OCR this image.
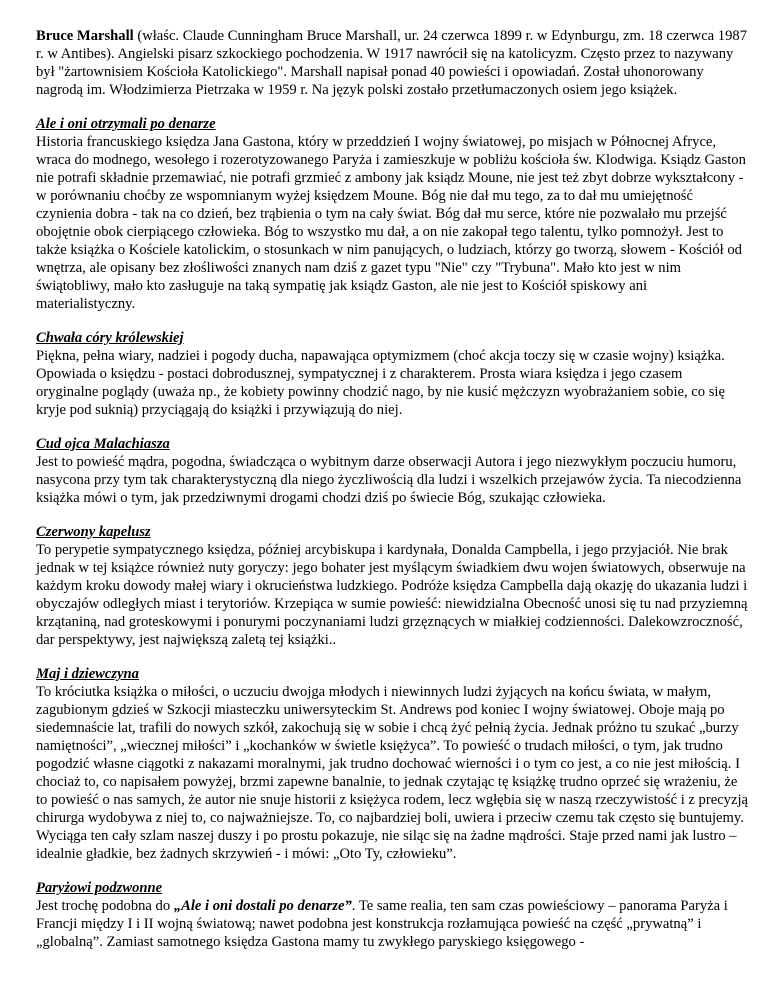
Bruce Marshall (właśc. Claude Cunningham Bruce Marshall, ur. 24 czerwca 1899 r. w Edynburgu, zm. 18 czerwca 1987 r. w Antibes). Angielski pisarz szkockiego pochodzenia. W 1917 nawrócił się na katolicyzm. Często przez to nazywany był "żartownisiem Kościoła Katolickiego". Marshall napisał ponad 40 powieści i opowiadań. Został uhonorowany nagrodą im. Włodzimierza Pietrzaka w 1959 r. Na język polski zostało przetłumaczonych osiem jego książek.

Ale i oni otrzymali po denarze
Historia francuskiego księdza Jana Gastona, który w przeddzień I wojny światowej, po misjach w Północnej Afryce, wraca do modnego, wesołego i rozerotyzowanego Paryża i zamieszkuje w pobliżu kościoła św. Klodwiga. Ksiądz Gaston nie potrafi składnie przemawiać, nie potrafi grzmieć z ambony jak ksiądz Moune, nie jest też zbyt dobrze wykształcony - w porównaniu choćby ze wspomnianym wyżej księdzem Moune. Bóg nie dał mu tego, za to dał mu umiejętność czynienia dobra - tak na co dzień, bez trąbienia o tym na cały świat. Bóg dał mu serce, które nie pozwalało mu przejść obojętnie obok cierpiącego człowieka. Bóg to wszystko mu dał, a on nie zakopał tego talentu, tylko pomnożył. Jest to także książka o Kościele katolickim, o stosunkach w nim panujących, o ludziach, którzy go tworzą, słowem - Kościół od wnętrza, ale opisany bez złośliwości znanych nam dziś z gazet typu "Nie" czy "Trybuna". Mało kto jest w nim świątobliwy, mało kto zasługuje na taką sympatię jak ksiądz Gaston, ale nie jest to Kościół spiskowy ani materialistyczny.
Chwała córy królewskiej
Piękna, pełna wiary, nadziei i pogody ducha, napawająca optymizmem (choć akcja toczy się w czasie wojny) książka. Opowiada o księdzu - postaci dobrodusznej, sympatycznej i z charakterem. Prosta wiara księdza i jego czasem oryginalne poglądy (uważa np., że kobiety powinny chodzić nago, by nie kusić mężczyzn wyobrażaniem sobie, co się kryje pod suknią) przyciągają do książki i przywiązują do niej.
Cud ojca Malachiasza
Jest to powieść mądra, pogodna, świadcząca o wybitnym darze obserwacji Autora i jego niezwykłym poczuciu humoru, nasycona przy tym tak charakterystyczną dla niego życzliwością dla ludzi i wszelkich przejawów życia. Ta niecodzienna książka mówi o tym, jak przedziwnymi drogami chodzi dziś po świecie Bóg, szukając człowieka.
Czerwony kapelusz
To perypetie sympatycznego księdza, później arcybiskupa i kardynała, Donalda Campbella, i jego przyjaciół. Nie brak jednak w tej książce również nuty goryczy: jego bohater jest myślącym świadkiem dwu wojen światowych, obserwuje na każdym kroku dowody małej wiary i okrucieństwa ludzkiego. Podróże księdza Campbella dają okazję do ukazania ludzi i obyczajów odległych miast i terytoriów. Krzepiąca w sumie powieść: niewidzialna Obecność unosi się tu nad przyziemną krzątaniną, nad groteskowymi i ponurymi poczynaniami ludzi grzęznących w miałkiej codzienności. Dalekowzroczność, dar perspektywy, jest największą zaletą tej książki..
Maj i dziewczyna
To króciutka książka o miłości, o uczuciu dwojga młodych i niewinnych ludzi żyjących na końcu świata, w małym, zagubionym gdzieś w Szkocji miasteczku uniwersyteckim St. Andrews pod koniec I wojny światowej. Oboje mają po siedemnaście lat, trafili do nowych szkół, zakochują się w sobie i chcą żyć pełnią życia. Jednak próżno tu szukać „burzy namiętności”, „wiecznej miłości” i „kochanków w świetle księżyca”. To powieść o trudach miłości, o tym, jak trudno pogodzić własne ciągotki z nakazami moralnymi, jak trudno dochować wierności i o tym co jest, a co nie jest miłością. I chociaż to, co napisałem powyżej, brzmi zapewne banalnie, to jednak czytając tę książkę trudno oprzeć się wrażeniu, że to powieść o nas samych, że autor nie snuje historii z księżyca rodem, lecz wgłębia się w naszą rzeczywistość i z precyzją chirurga wydobywa z niej to, co najważniejsze. To, co najbardziej boli, uwiera i przeciw czemu tak często się buntujemy. Wyciąga ten cały szlam naszej duszy i po prostu pokazuje, nie siląc się na żadne mądrości. Staje przed nami jak lustro – idealnie gładkie, bez żadnych skrzywień - i mówi: „Oto Ty, człowieku”.
Paryżowi podzwonne
Jest trochę podobna do „Ale i oni dostali po denarze”. Te same realia, ten sam czas powieściowy – panorama Paryża i Francji między I i II wojną światową; nawet podobna jest konstrukcja rozłamująca powieść na część „prywatną” i „globalną”. Zamiast samotnego księdza Gastona mamy tu zwykłego paryskiego księgowego -
